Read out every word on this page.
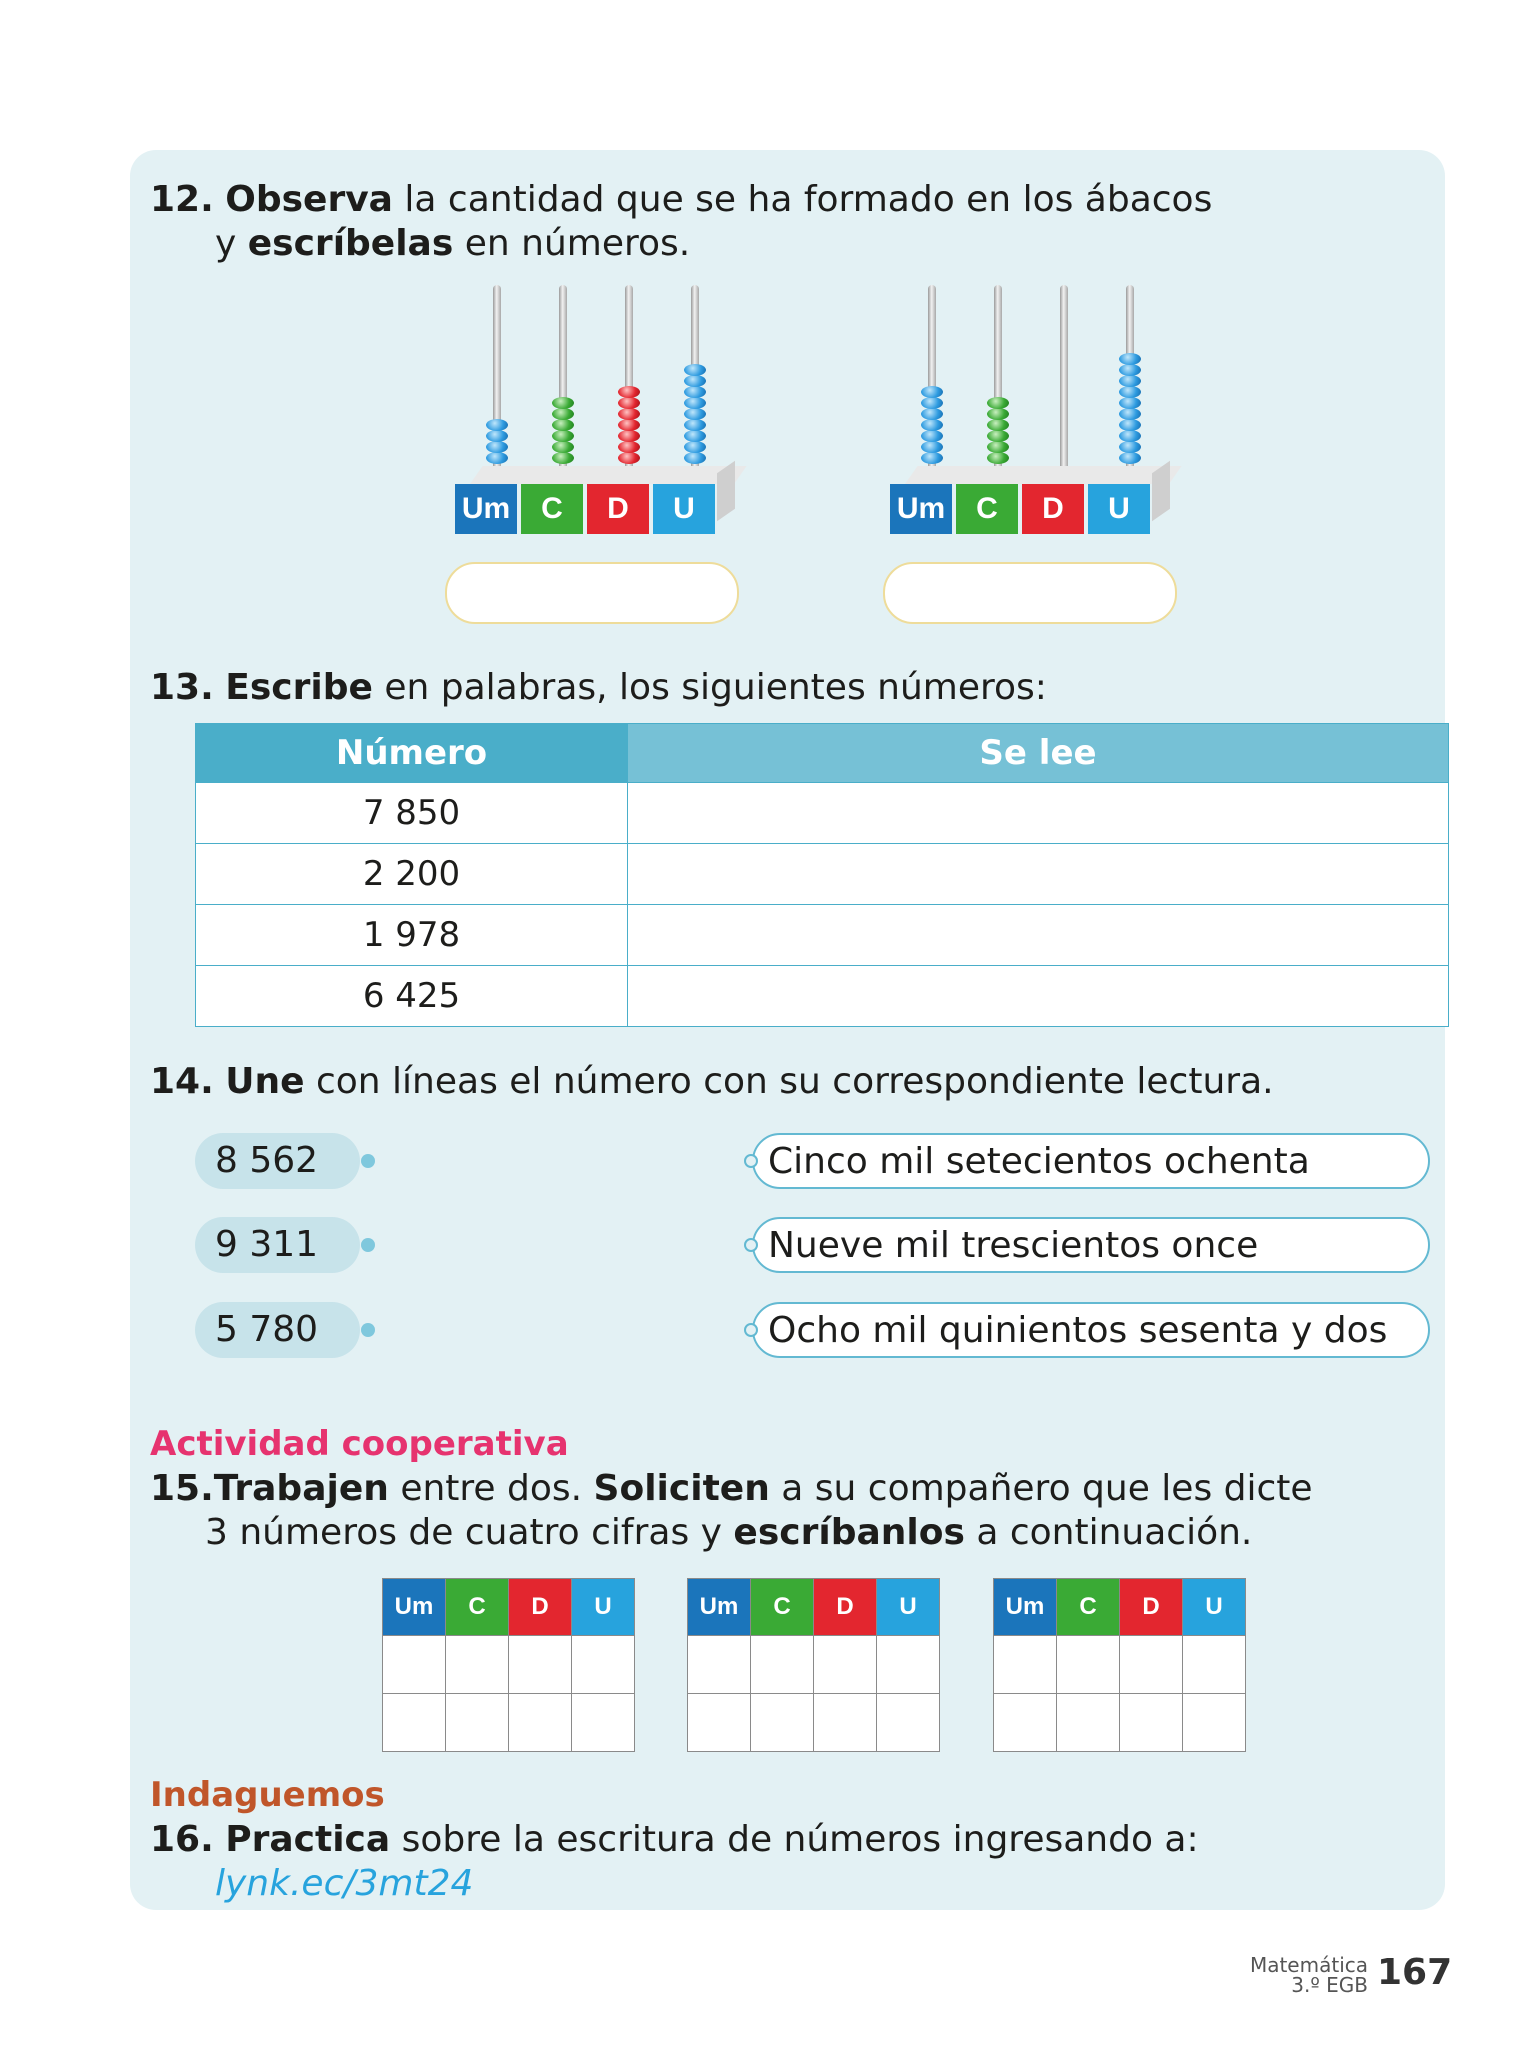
12. Observa la cantidad que se ha formado en los ábacos
y escríbelas en números.
Um	C	D	U	Um	C	D	U
13. Escribe en palabras, los siguientes números:
Número	Se lee
7 850	
2 200	
1 978	
6 425	
14. Une con líneas el número con su correspondiente lectura.
8 562
9 311
5 780
Cinco mil setecientos ochenta
Nueve mil trescientos once
Ocho mil quinientos sesenta y dos
Actividad cooperativa
15.Trabajen entre dos. Soliciten a su compañero que les dicte
3 números de cuatro cifras y escríbanlos a continuación.
Um	C	D	U

				Um	C	D	U

				Um	C	D	U

Indaguemos
16. Practica sobre la escritura de números ingresando a:
lynk.ec/3mt24
Matemática
3.º EGB 167
